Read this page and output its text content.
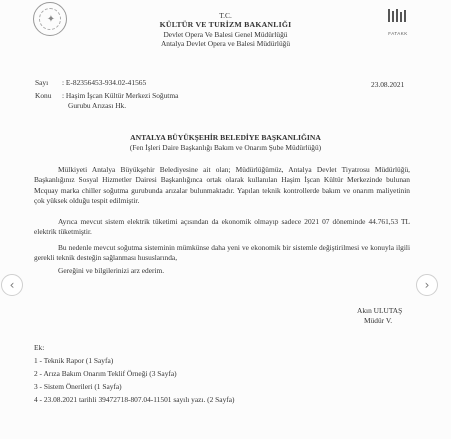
✦	T.C.
KÜLTÜR VE TURİZM BAKANLIĞI
Devlet Opera Ve Balesi Genel Müdürlüğü
Antalya Devlet Opera ve Balesi Müdürlüğü
FATAKK
Sayı : E-82356453-934.02-41565	23.08.2021
Konu : Haşim İşcan Kültür Merkezi Soğutma
Gurubu Arızası Hk.
ANTALYA BÜYÜKŞEHİR BELEDİYE BAŞKANLIĞINA
(Fen İşleri Daire Başkanlığı Bakım ve Onarım Şube Müdürlüğü)
Mülkiyeti Antalya Büyükşehir Belediyesine ait olan; Müdürlüğümüz, Antalya Devlet Tiyatrosu Müdürlüğü, Başkanlığınız Sosyal Hizmetler Dairesi Başkanlığınca ortak olarak kullanılan Haşim İşcan Kültür Merkezinde bulunan Mcquay marka chiller soğutma gurubunda arızalar bulunmaktadır. Yapılan teknik kontrollerde bakım ve onarım maliyetinin çok yüksek olduğu tespit edilmiştir.
Ayrıca mevcut sistem elektrik tüketimi açısından da ekonomik olmayıp sadece 2021 07 döneminde 44.761,53 TL elektrik tüketmiştir.
Bu nedenle mevcut soğutma sisteminin mümkünse daha yeni ve ekonomik bir sistemle değiştirilmesi ve konuyla ilgili gerekli teknik desteğin sağlanması hususlarında,
Gereğini ve bilgilerinizi arz ederim.
Akın ULUTAŞ
Müdür V.
Ek:
1 - Teknik Rapor (1 Sayfa)
2 - Arıza Bakım Onarım Teklif Örneği (3 Sayfa)
3 - Sistem Önerileri (1 Sayfa)
4 - 23.08.2021 tarihli 39472718-807.04-11501 sayılı yazı. (2 Sayfa)
‹	›
